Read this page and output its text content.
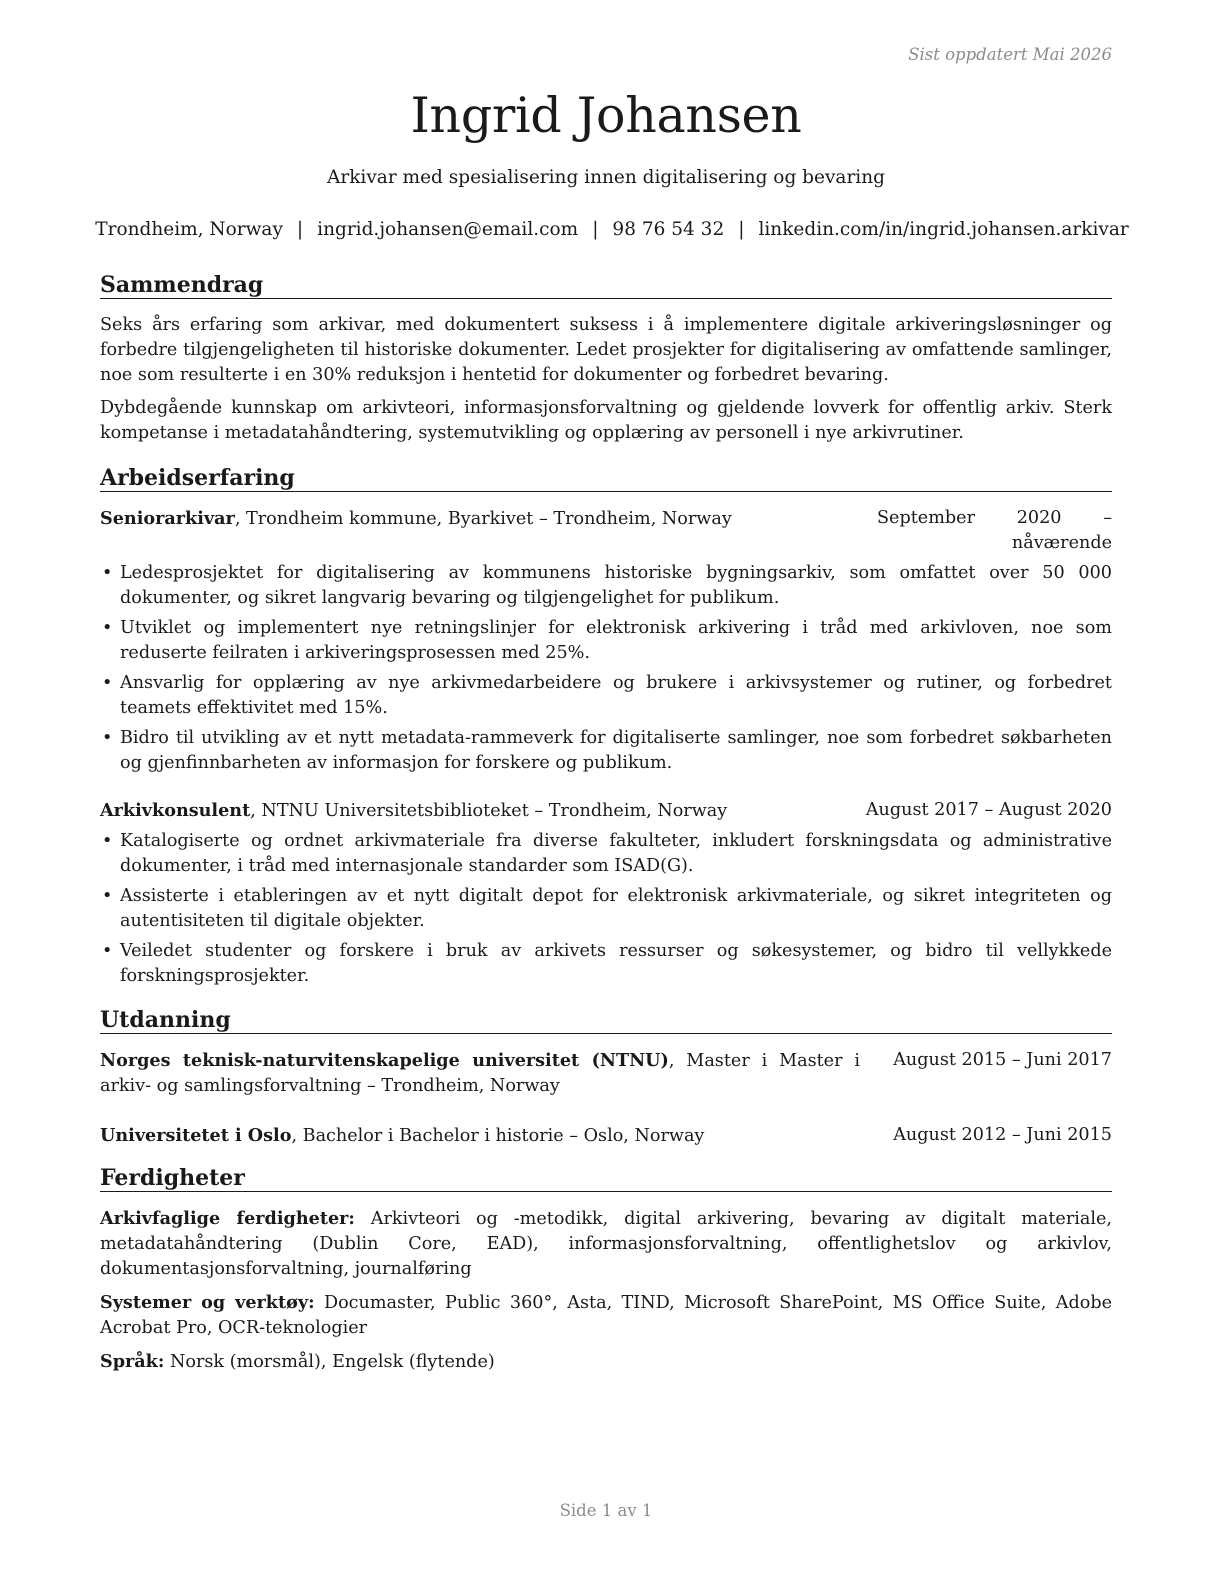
Sist oppdatert Mai 2026
Ingrid Johansen
Arkivar med spesialisering innen digitalisering og bevaring
Trondheim, Norway | ingrid.johansen@email.com | 98 76 54 32 | linkedin.com/in/ingrid.johansen.arkivar
Sammendrag

Seks års erfaring som arkivar, med dokumentert suksess i å implementere digitale arkiveringsløsninger og forbedre tilgjengeligheten til historiske dokumenter. Ledet prosjekter for digitalisering av omfattende samlinger, noe som resulterte i en 30% reduksjon i hentetid for dokumenter og forbedret bevaring.

Dybdegående kunnskap om arkivteori, informasjonsforvaltning og gjeldende lovverk for offentlig arkiv. Sterk kompetanse i metadatahåndtering, systemutvikling og opplæring av personell i nye arkivrutiner.

Arbeidserfaring
Seniorarkivar, Trondheim kommune, Byarkivet – Trondheim, Norway	September 2020 – nåværende
• Ledesprosjektet for digitalisering av kommunens historiske bygningsarkiv, som omfattet over 50 000 dokumenter, og sikret langvarig bevaring og tilgjengelighet for publikum.
• Utviklet og implementert nye retningslinjer for elektronisk arkivering i tråd med arkivloven, noe som reduserte feilraten i arkiveringsprosessen med 25%.
• Ansvarlig for opplæring av nye arkivmedarbeidere og brukere i arkivsystemer og rutiner, og forbedret teamets effektivitet med 15%.
• Bidro til utvikling av et nytt metadata-rammeverk for digitaliserte samlinger, noe som forbedret søkbarheten og gjenfinnbarheten av informasjon for forskere og publikum.
Arkivkonsulent, NTNU Universitetsbiblioteket – Trondheim, Norway	August 2017 – August 2020
• Katalogiserte og ordnet arkivmateriale fra diverse fakulteter, inkludert forskningsdata og administrative dokumenter, i tråd med internasjonale standarder som ISAD(G).
• Assisterte i etableringen av et nytt digitalt depot for elektronisk arkivmateriale, og sikret integriteten og autentisiteten til digitale objekter.
• Veiledet studenter og forskere i bruk av arkivets ressurser og søkesystemer, og bidro til vellykkede forskningsprosjekter.
Utdanning
Norges teknisk-naturvitenskapelige universitet (NTNU), Master i Master i arkiv- og samlingsforvaltning – Trondheim, Norway
August 2015 – Juni 2017
Universitetet i Oslo, Bachelor i Bachelor i historie – Oslo, Norway	August 2012 – Juni 2015
Ferdigheter

Arkivfaglige ferdigheter: Arkivteori og -metodikk, digital arkivering, bevaring av digitalt materiale, metadatahåndtering (Dublin Core, EAD), informasjonsforvaltning, offentlighetslov og arkivlov, dokumentasjonsforvaltning, journalføring

Systemer og verktøy: Documaster, Public 360°, Asta, TIND, Microsoft SharePoint, MS Office Suite, Adobe Acrobat Pro, OCR-teknologier

Språk: Norsk (morsmål), Engelsk (flytende)

Side 1 av 1
